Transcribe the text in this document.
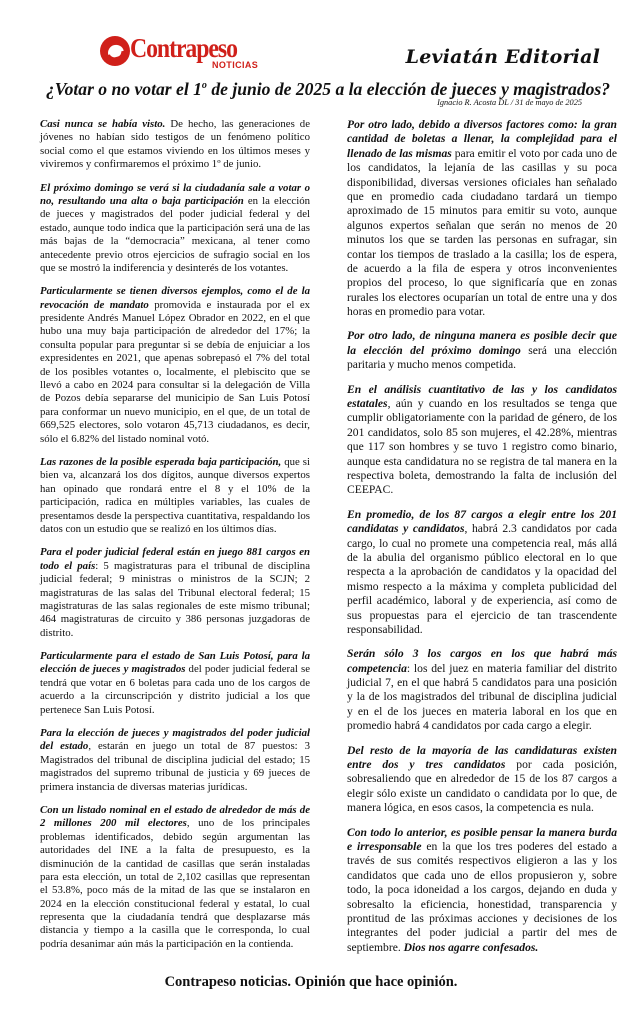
Contrapeso
NOTICIAS	Leviatán Editorial
¿Votar o no votar el 1$^o$ de junio de 2025 a la elección de jueces y magistrados?
Ignacio R. Acosta DL / 31 de mayo de 2025

Casi nunca se había visto. De hecho, las generaciones de jóvenes no habían sido testigos de un fenómeno político social como el que estamos viviendo en los últimos meses y viviremos y confirmaremos el próximo 1º de junio.

El próximo domingo se verá si la ciudadanía sale a votar o no, resultando una alta o baja participación en la elección de jueces y magistrados del poder judicial federal y del estado, aunque todo indica que la participación será una de las más bajas de la “democracia” mexicana, al tener como antecedente previo otros ejercicios de sufragio social en los que se mostró la indiferencia y desinterés de los votantes.

Particularmente se tienen diversos ejemplos, como el de la revocación de mandato promovida e instaurada por el ex presidente Andrés Manuel López Obrador en 2022, en el que hubo una muy baja participación de alrededor del 17%; la consulta popular para preguntar si se debía de enjuiciar a los expresidentes en 2021, que apenas sobrepasó el 7% del total de los posibles votantes o, localmente, el plebiscito que se llevó a cabo en 2024 para consultar si la delegación de Villa de Pozos debía separarse del municipio de San Luis Potosí para conformar un nuevo municipio, en el que, de un total de 669,525 electores, solo votaron 45,713 ciudadanos, es decir, sólo el 6.82% del listado nominal votó.

Las razones de la posible esperada baja participación, que si bien va, alcanzará los dos dígitos, aunque diversos expertos han opinado que rondará entre el 8 y el 10% de la participación, radica en múltiples variables, las cuales de presentamos desde la perspectiva cuantitativa, respaldando los datos con un estudio que se realizó en los últimos días.

Para el poder judicial federal están en juego 881 cargos en todo el país: 5 magistraturas para el tribunal de disciplina judicial federal; 9 ministras o ministros de la SCJN; 2 magistraturas de las salas del Tribunal electoral federal; 15 magistraturas de las salas regionales de este mismo tribunal; 464 magistraturas de circuito y 386 personas juzgadoras de distrito.

Particularmente para el estado de San Luis Potosí, para la elección de jueces y magistrados del poder judicial federal se tendrá que votar en 6 boletas para cada uno de los cargos de acuerdo a la circunscripción y distrito judicial a los que pertenece San Luis Potosí.

Para la elección de jueces y magistrados del poder judicial del estado, estarán en juego un total de 87 puestos: 3 Magistrados del tribunal de disciplina judicial del estado; 15 magistrados del supremo tribunal de justicia y 69 jueces de primera instancia de diversas materias jurídicas.

Con un listado nominal en el estado de alrededor de más de 2 millones 200 mil electores, uno de los principales problemas identificados, debido según argumentan las autoridades del INE a la falta de presupuesto, es la disminución de la cantidad de casillas que serán instaladas para esta elección, un total de 2,102 casillas que representan el 53.8%, poco más de la mitad de las que se instalaron en 2024 en la elección constitucional federal y estatal, lo cual representa que la ciudadanía tendrá que desplazarse más distancia y tiempo a la casilla que le corresponda, lo cual podría desanimar aún más la participación en la contienda.

Por otro lado, debido a diversos factores como: la gran cantidad de boletas a llenar, la complejidad para el llenado de las mismas para emitir el voto por cada uno de los candidatos, la lejanía de las casillas y su poca disponibilidad, diversas versiones oficiales han señalado que en promedio cada ciudadano tardará un tiempo aproximado de 15 minutos para emitir su voto, aunque algunos expertos señalan que serán no menos de 20 minutos los que se tarden las personas en sufragar, sin contar los tiempos de traslado a la casilla; los de espera, de acuerdo a la fila de espera y otros inconvenientes propios del proceso, lo que significaría que en zonas rurales los electores ocuparían un total de entre una y dos horas en promedio para votar.

Por otro lado, de ninguna manera es posible decir que la elección del próximo domingo será una elección paritaria y mucho menos competida.

En el análisis cuantitativo de las y los candidatos estatales, aún y cuando en los resultados se tenga que cumplir obligatoriamente con la paridad de género, de los 201 candidatos, solo 85 son mujeres, el 42.28%, mientras que 117 son hombres y se tuvo 1 registro como binario, aunque esta candidatura no se registra de tal manera en la respectiva boleta, demostrando la falta de inclusión del CEEPAC.

En promedio, de los 87 cargos a elegir entre los 201 candidatas y candidatos, habrá 2.3 candidatos por cada cargo, lo cual no promete una competencia real, más allá de la abulia del organismo público electoral en lo que respecta a la aprobación de candidatos y la opacidad del mismo respecto a la máxima y completa publicidad del perfil académico, laboral y de experiencia, así como de sus propuestas para el ejercicio de tan trascendente responsabilidad.

Serán sólo 3 los cargos en los que habrá más competencia: los del juez en materia familiar del distrito judicial 7, en el que habrá 5 candidatos para una posición y la de los magistrados del tribunal de disciplina judicial y en el de los jueces en materia laboral en los que en promedio habrá 4 candidatos por cada cargo a elegir.

Del resto de la mayoría de las candidaturas existen entre dos y tres candidatos por cada posición, sobresaliendo que en alrededor de 15 de los 87 cargos a elegir sólo existe un candidato o candidata por lo que, de manera lógica, en esos casos, la competencia es nula.

Con todo lo anterior, es posible pensar la manera burda e irresponsable en la que los tres poderes del estado a través de sus comités respectivos eligieron a las y los candidatos que cada uno de ellos propusieron y, sobre todo, la poca idoneidad a los cargos, dejando en duda y sobresalto la eficiencia, honestidad, transparencia y prontitud de las próximas acciones y decisiones de los integrantes del poder judicial a partir del mes de septiembre. Dios nos agarre confesados.

Contrapeso noticias. Opinión que hace opinión.
